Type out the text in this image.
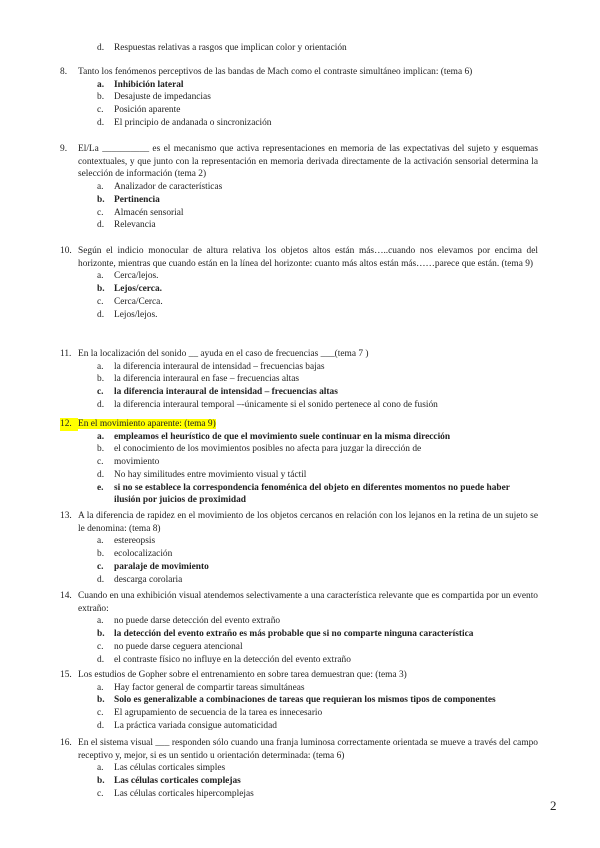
d.	Respuestas relativas a rasgos que implican color y orientación
8.	Tanto los fenómenos perceptivos de las bandas de Mach como el contraste simultáneo implican: (tema 6)
a.	Inhibición lateral
b.	Desajuste de impedancias
c.	Posición aparente
d.	El principio de andanada o sincronización
9.	El/La __________ es el mecanismo que activa representaciones en memoria de las expectativas del sujeto y esquemas contextuales, y que junto con la representación en memoria derivada directamente de la activación sensorial determina la selección de información (tema 2)
a.	Analizador de características
b.	Pertinencia
c.	Almacén sensorial
d.	Relevancia
10. Según el indicio monocular de altura relativa los objetos altos están más…..cuando nos elevamos por encima del horizonte, mientras que cuando están en la línea del horizonte: cuanto más altos están más……parece que están. (tema 9)
a.	Cerca/lejos.
b.	Lejos/cerca.
c.	Cerca/Cerca.
d.	Lejos/lejos.
11. En la localización del sonido __ ayuda en el caso de frecuencias ___(tema 7 )
a.	la diferencia interaural de intensidad – frecuencias bajas
b.	la diferencia interaural en fase – frecuencias altas
c.	la diferencia interaural de intensidad – frecuencias altas
d.	la diferencia interaural temporal –-únicamente si el sonido pertenece al cono de fusión
12. En el movimiento aparente: (tema 9)
a.	empleamos el heurístico de que el movimiento suele continuar en la misma dirección
b.	el conocimiento de los movimientos posibles no afecta para juzgar la dirección de
c.	movimiento
d.	No hay similitudes entre movimiento visual y táctil
e.	si no se establece la correspondencia fenoménica del objeto en diferentes momentos no puede haber ilusión por juicios de proximidad
13. A la diferencia de rapidez en el movimiento de los objetos cercanos en relación con los lejanos en la retina de un sujeto se le denomina: (tema 8)
a.	estereopsis
b.	ecolocalización
c.	paralaje de movimiento
d.	descarga corolaria
14. Cuando en una exhibición visual atendemos selectivamente a una característica relevante que es compartida por un evento extraño:
a.	no puede darse detección del evento extraño
b.	la detección del evento extraño es más probable que si no comparte ninguna característica
c.	no puede darse ceguera atencional
d.	el contraste físico no influye en la detección del evento extraño
15. Los estudios de Gopher sobre el entrenamiento en sobre tarea demuestran que: (tema 3)
a.	Hay factor general de compartir tareas simultáneas
b.	Solo es generalizable a combinaciones de tareas que requieran los mismos tipos de componentes
c.	El agrupamiento de secuencia de la tarea es innecesario
d.	La práctica variada consigue automaticidad
16. En el sistema visual ___ responden sólo cuando una franja luminosa correctamente orientada se mueve a través del campo receptivo y, mejor, si es un sentido u orientación determinada: (tema 6)
a.	Las células corticales simples
b.	Las células corticales complejas
c.	Las células corticales hipercomplejas
2
